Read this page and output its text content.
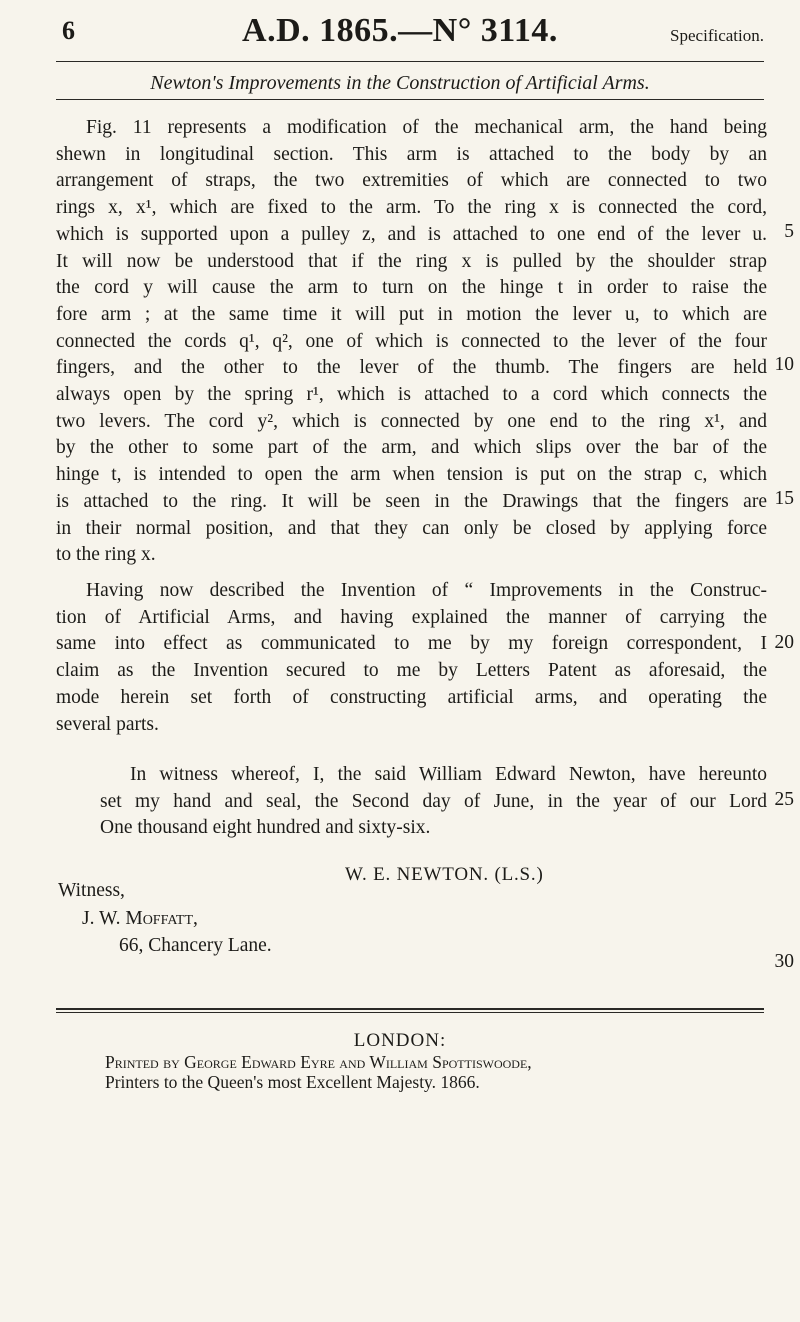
6	A.D. 1865.—N° 3114.	Specification.
Newton's Improvements in the Construction of Artificial Arms.
Fig. 11 represents a modification of the mechanical arm, the hand being
shewn in longitudinal section. This arm is attached to the body by an
arrangement of straps, the two extremities of which are connected to two
rings x, x¹, which are fixed to the arm. To the ring x is connected the cord,
which is supported upon a pulley z, and is attached to one end of the lever u.
It will now be understood that if the ring x is pulled by the shoulder strap
the cord y will cause the arm to turn on the hinge t in order to raise the
fore arm ; at the same time it will put in motion the lever u, to which are
connected the cords q¹, q², one of which is connected to the lever of the four
fingers, and the other to the lever of the thumb. The fingers are held
always open by the spring r¹, which is attached to a cord which connects the
two levers. The cord y², which is connected by one end to the ring x¹, and
by the other to some part of the arm, and which slips over the bar of the
hinge t, is intended to open the arm when tension is put on the strap c, which
is attached to the ring. It will be seen in the Drawings that the fingers are
in their normal position, and that they can only be closed by applying force
to the ring x.
Having now described the Invention of “ Improvements in the Construc-
tion of Artificial Arms, and having explained the manner of carrying the
same into effect as communicated to me by my foreign correspondent, I
claim as the Invention secured to me by Letters Patent as aforesaid, the
mode herein set forth of constructing artificial arms, and operating the
several parts.
In witness whereof, I, the said William Edward Newton, have hereunto
set my hand and seal, the Second day of June, in the year of our Lord
One thousand eight hundred and sixty-six.
5
10
15
20
25
30
W. E. NEWTON. (L.S.)
Witness,
J. W. Moffatt,
66, Chancery Lane.
LONDON:
Printed by George Edward Eyre and William Spottiswoode,
Printers to the Queen's most Excellent Majesty. 1866.
